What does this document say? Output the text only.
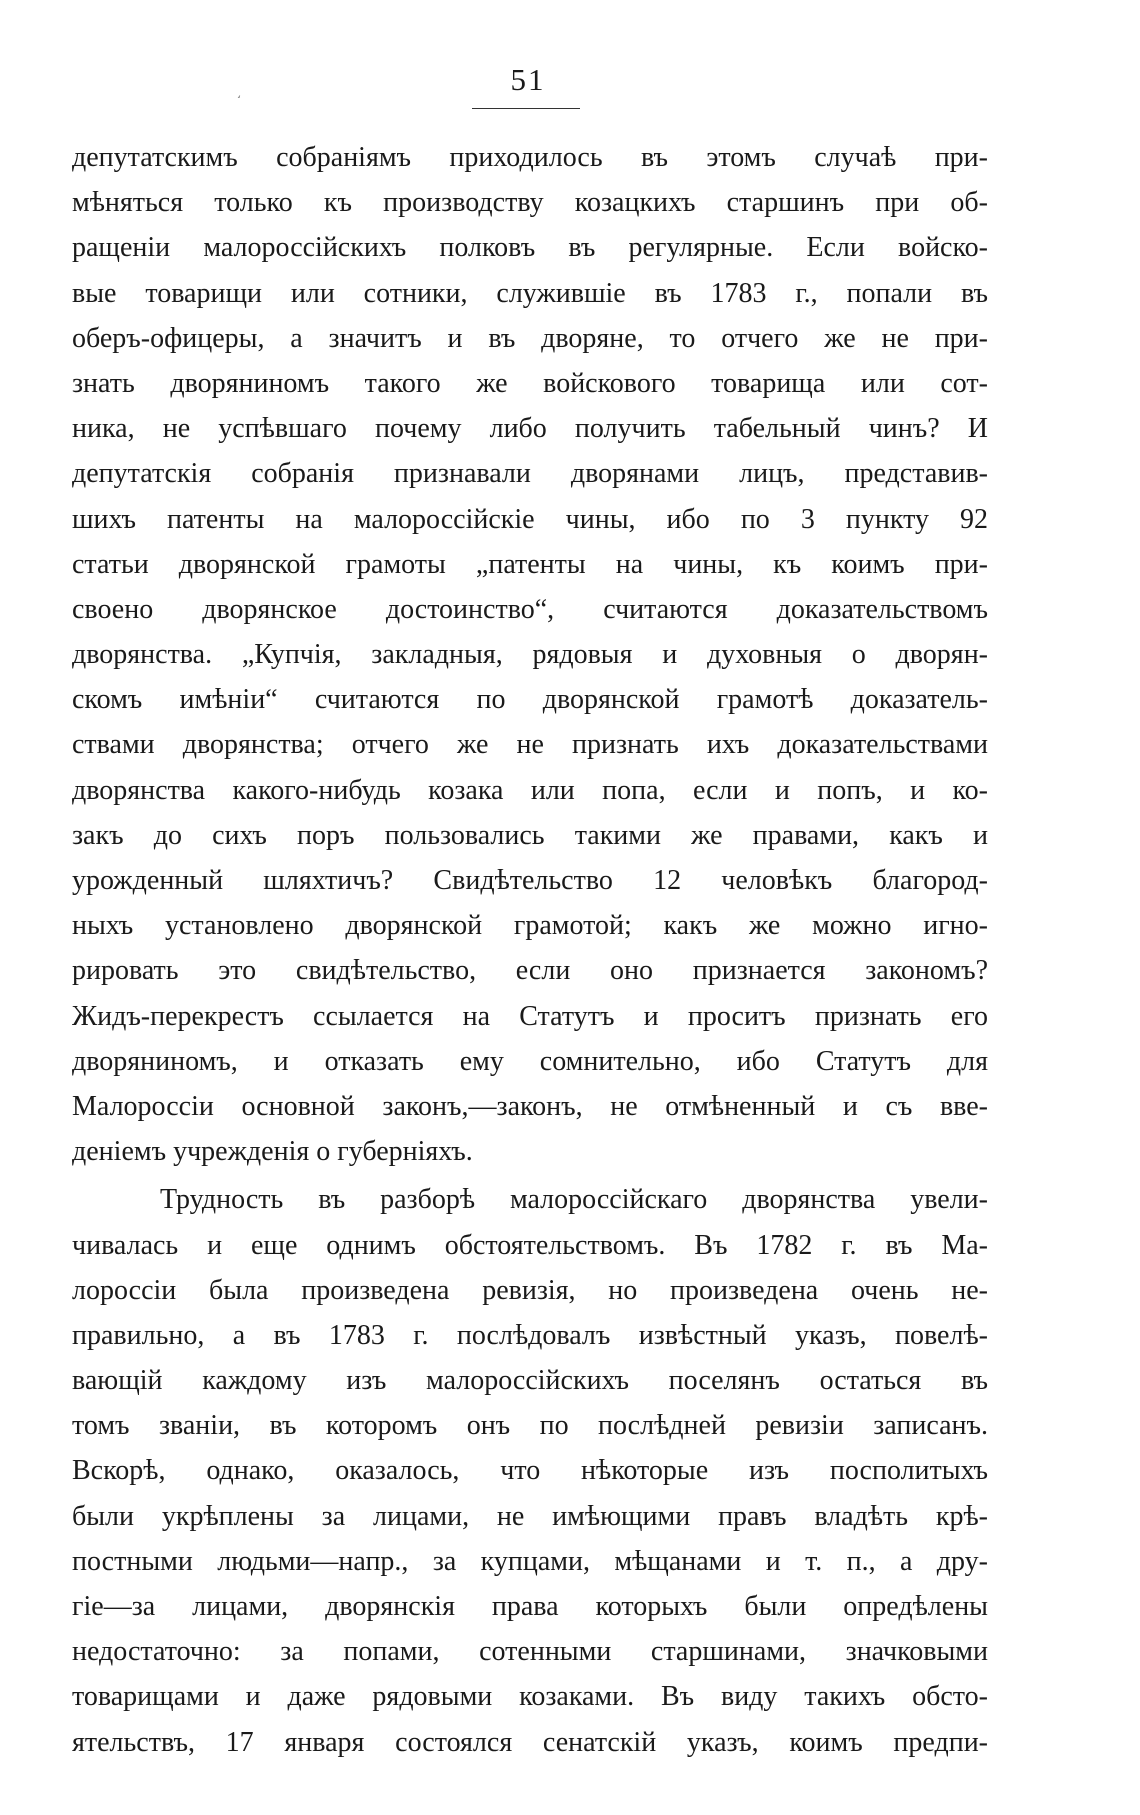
͵	51
депутатскимъ собраніямъ приходилось въ этомъ случаѣ при-
мѣняться только къ производству козацкихъ старшинъ при об-
ращеніи малороссійскихъ полковъ въ регулярные. Если войско-
вые товарищи или сотники, служившіе въ 1783 г., попали въ
оберъ-офицеры, а значитъ и въ дворяне, то отчего же не при-
знать дворяниномъ такого же войскового товарища или сот-
ника, не успѣвшаго почему либо получить табельный чинъ? И
депутатскія собранія признавали дворянами лицъ, представив-
шихъ патенты на малороссійскіе чины, ибо по 3 пункту 92
статьи дворянской грамоты „патенты на чины, къ коимъ при-
своено дворянское достоинство“, считаются доказательствомъ
дворянства. „Купчія, закладныя, рядовыя и духовныя о дворян-
скомъ имѣніи“ считаются по дворянской грамотѣ доказатель-
ствами дворянства; отчего же не признать ихъ доказательствами
дворянства какого-нибудь козака или попа, если и попъ, и ко-
закъ до сихъ поръ пользовались такими же правами, какъ и
урожденный шляхтичъ? Свидѣтельство 12 человѣкъ благород-
ныхъ установлено дворянской грамотой; какъ же можно игно-
рировать это свидѣтельство, если оно признается закономъ?
Жидъ-перекрестъ ссылается на Статутъ и проситъ признать его
дворяниномъ, и отказать ему сомнительно, ибо Статутъ для
Малороссіи основной законъ,—законъ, не отмѣненный и съ вве-
деніемъ учрежденія о губерніяхъ.
Трудность въ разборѣ малороссійскаго дворянства увели-
чивалась и еще однимъ обстоятельствомъ. Въ 1782 г. въ Ма-
лороссіи была произведена ревизія, но произведена очень не-
правильно, а въ 1783 г. послѣдовалъ извѣстный указъ, повелѣ-
вающій каждому изъ малороссійскихъ поселянъ остаться въ
томъ званіи, въ которомъ онъ по послѣдней ревизіи записанъ.
Вскорѣ, однако, оказалось, что нѣкоторые изъ посполитыхъ
были укрѣплены за лицами, не имѣющими правъ владѣть крѣ-
постными людьми—напр., за купцами, мѣщанами и т. п., а дру-
гіе—за лицами, дворянскія права которыхъ были опредѣлены
недостаточно: за попами, сотенными старшинами, значковыми
товарищами и даже рядовыми козаками. Въ виду такихъ обсто-
ятельствъ, 17 января состоялся сенатскій указъ, коимъ предпи-
